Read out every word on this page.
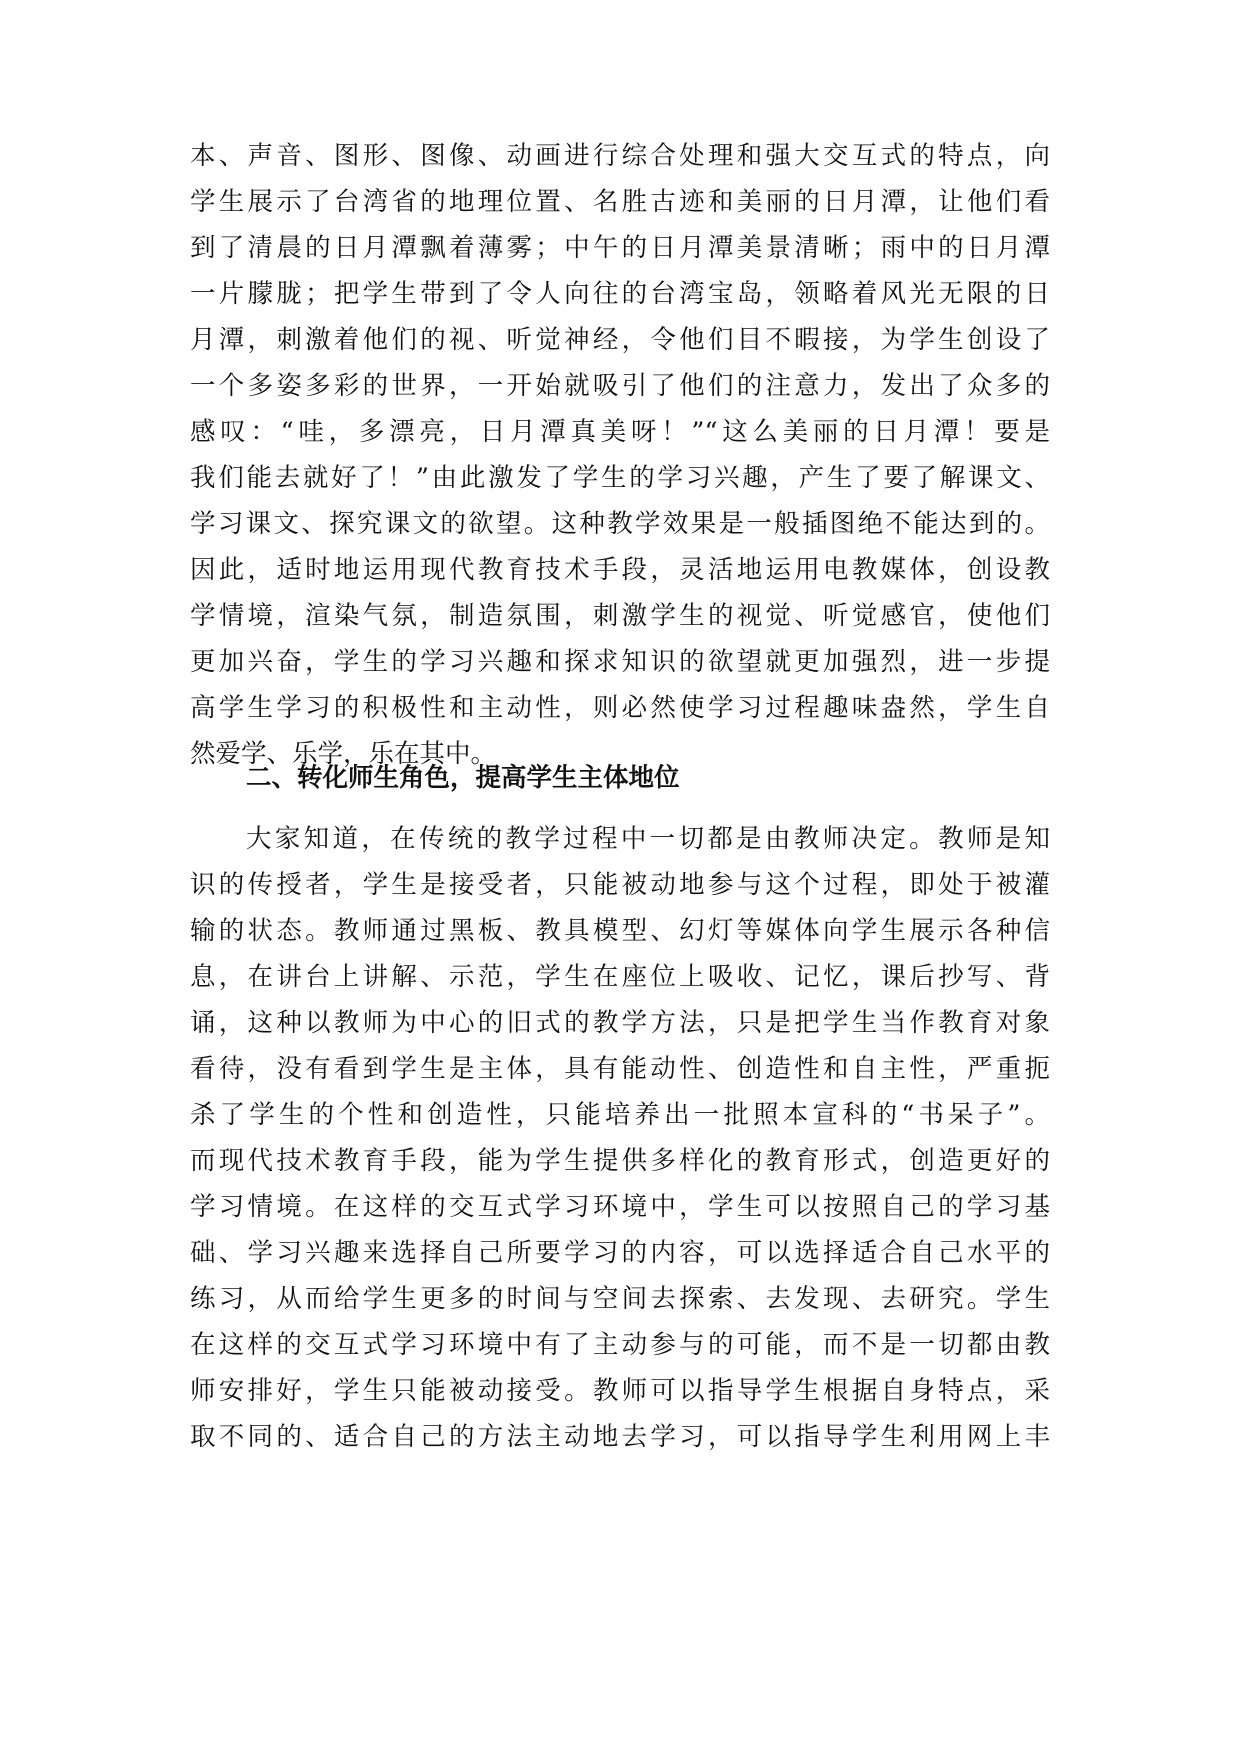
本、声音、图形、图像、动画进行综合处理和强大交互式的特点，向
学生展示了台湾省的地理位置、名胜古迹和美丽的日月潭，让他们看
到了清晨的日月潭飘着薄雾；中午的日月潭美景清晰；雨中的日月潭
一片朦胧；把学生带到了令人向往的台湾宝岛，领略着风光无限的日
月潭，刺激着他们的视、听觉神经，令他们目不暇接，为学生创设了
一个多姿多彩的世界，一开始就吸引了他们的注意力，发出了众多的
感叹：“哇，多漂亮，日月潭真美呀！”“这么美丽的日月潭！要是
我们能去就好了！”由此激发了学生的学习兴趣，产生了要了解课文、
学习课文、探究课文的欲望。这种教学效果是一般插图绝不能达到的。
因此，适时地运用现代教育技术手段，灵活地运用电教媒体，创设教
学情境，渲染气氛，制造氛围，刺激学生的视觉、听觉感官，使他们
更加兴奋，学生的学习兴趣和探求知识的欲望就更加强烈，进一步提
高学生学习的积极性和主动性，则必然使学习过程趣味盎然，学生自
然爱学、乐学，乐在其中。
二、转化师生角色，提高学生主体地位
大家知道，在传统的教学过程中一切都是由教师决定。教师是知
识的传授者，学生是接受者，只能被动地参与这个过程，即处于被灌
输的状态。教师通过黑板、教具模型、幻灯等媒体向学生展示各种信
息，在讲台上讲解、示范，学生在座位上吸收、记忆，课后抄写、背
诵，这种以教师为中心的旧式的教学方法，只是把学生当作教育对象
看待，没有看到学生是主体，具有能动性、创造性和自主性，严重扼
杀了学生的个性和创造性，只能培养出一批照本宣科的“书呆子”。
而现代技术教育手段，能为学生提供多样化的教育形式，创造更好的
学习情境。在这样的交互式学习环境中，学生可以按照自己的学习基
础、学习兴趣来选择自己所要学习的内容，可以选择适合自己水平的
练习，从而给学生更多的时间与空间去探索、去发现、去研究。学生
在这样的交互式学习环境中有了主动参与的可能，而不是一切都由教
师安排好，学生只能被动接受。教师可以指导学生根据自身特点，采
取不同的、适合自己的方法主动地去学习，可以指导学生利用网上丰
